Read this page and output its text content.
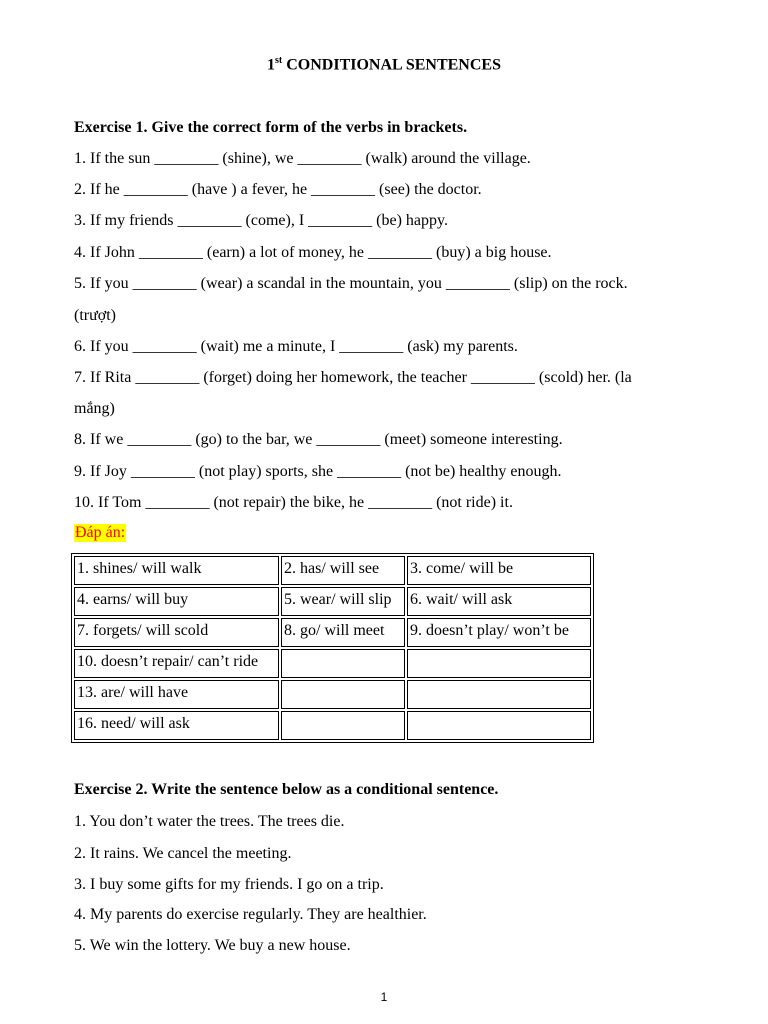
1st CONDITIONAL SENTENCES
Exercise 1. Give the correct form of the verbs in brackets.
1. If the sun ________ (shine), we ________ (walk) around the village.
2. If he ________ (have ) a fever, he ________ (see) the doctor.
3. If my friends ________ (come), I ________ (be) happy.
4. If John ________ (earn) a lot of money, he ________ (buy) a big house.
5. If you ________ (wear) a scandal in the mountain, you ________ (slip) on the rock.
(trượt)
6. If you ________ (wait) me a minute, I ________ (ask) my parents.
7. If Rita ________ (forget) doing her homework, the teacher ________ (scold) her. (la
mắng)
8. If we ________ (go) to the bar, we ________ (meet) someone interesting.
9. If Joy ________ (not play) sports, she ________ (not be) healthy enough.
10. If Tom ________ (not repair) the bike, he ________ (not ride) it.
Đáp án:
1. shines/ will walk	2. has/ will see	3. come/ will be
4. earns/ will buy	5. wear/ will slip	6. wait/ will ask
7. forgets/ will scold	8. go/ will meet	9. doesn’t play/ won’t be
10. doesn’t repair/ can’t ride		
13. are/ will have		
16. need/ will ask		
Exercise 2. Write the sentence below as a conditional sentence.
1. You don’t water the trees. The trees die.
2. It rains. We cancel the meeting.
3. I buy some gifts for my friends. I go on a trip.
4. My parents do exercise regularly. They are healthier.
5. We win the lottery. We buy a new house.
1
